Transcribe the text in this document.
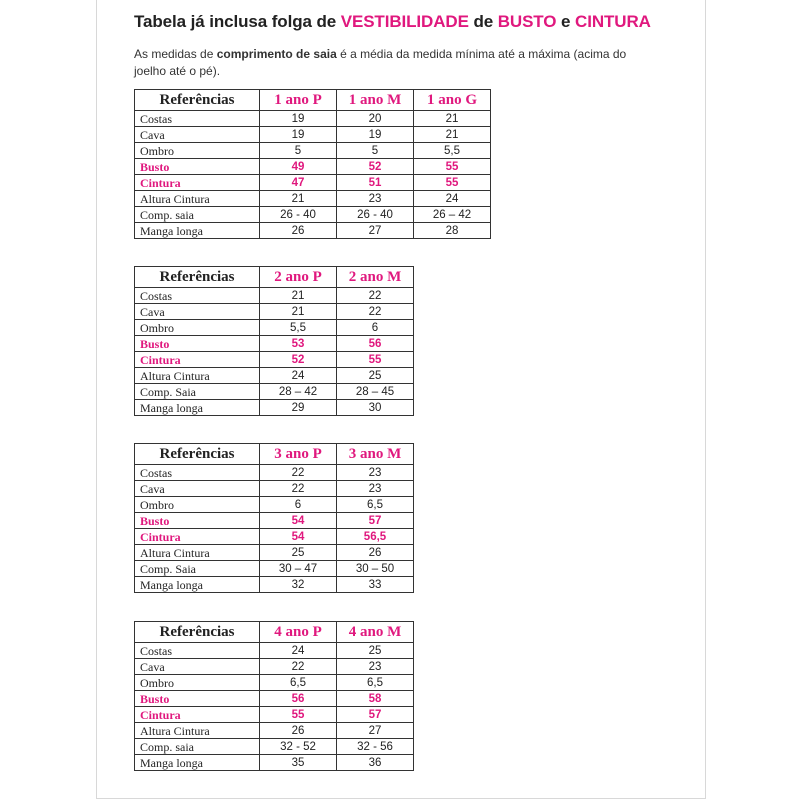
Tabela já inclusa folga de VESTIBILIDADE de BUSTO e CINTURA
As medidas de comprimento de saia é a média da medida mínima até a máxima (acima do joelho até o pé).
Referências	1 ano P	1 ano M	1 ano G
Costas	19	20	21
Cava	19	19	21
Ombro	5	5	5,5
Busto	49	52	55
Cintura	47	51	55
Altura Cintura	21	23	24
Comp. saia	26 - 40	26 - 40	26 – 42
Manga longa	26	27	28
Referências	2 ano P	2 ano M
Costas	21	22
Cava	21	22
Ombro	5,5	6
Busto	53	56
Cintura	52	55
Altura Cintura	24	25
Comp. Saia	28 – 42	28 – 45
Manga longa	29	30
Referências	3 ano P	3 ano M
Costas	22	23
Cava	22	23
Ombro	6	6,5
Busto	54	57
Cintura	54	56,5
Altura Cintura	25	26
Comp. Saia	30 – 47	30 – 50
Manga longa	32	33
Referências	4 ano P	4 ano M
Costas	24	25
Cava	22	23
Ombro	6,5	6,5
Busto	56	58
Cintura	55	57
Altura Cintura	26	27
Comp. saia	32 - 52	32 - 56
Manga longa	35	36
